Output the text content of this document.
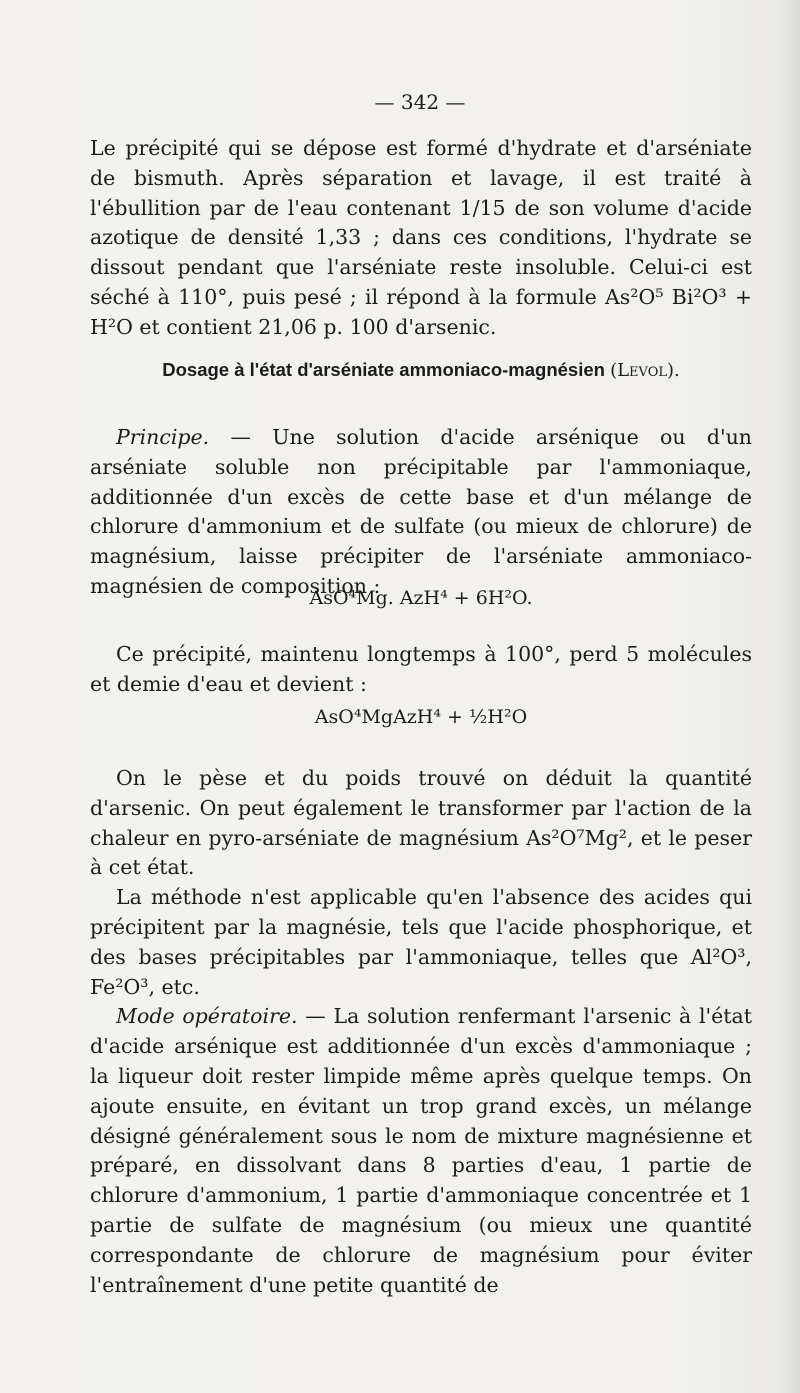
— 342 —

Le précipité qui se dépose est formé d'hydrate et d'arséniate de bismuth. Après séparation et lavage, il est traité à l'ébullition par de l'eau contenant 1/15 de son volume d'acide azotique de densité 1,33 ; dans ces conditions, l'hydrate se dissout pendant que l'arséniate reste insoluble. Celui-ci est séché à 110°, puis pesé ; il répond à la formule As²O⁵ Bi²O³ + H²O et contient 21,06 p. 100 d'arsenic.

Dosage à l'état d'arséniate ammoniaco-magnésien (Levol).

Principe. — Une solution d'acide arsénique ou d'un arséniate soluble non précipitable par l'ammoniaque, additionnée d'un excès de cette base et d'un mélange de chlorure d'ammonium et de sulfate (ou mieux de chlorure) de magnésium, laisse précipiter de l'arséniate ammoniaco-magnésien de composition :

AsO⁴Mg. AzH⁴ + 6H²O.

Ce précipité, maintenu longtemps à 100°, perd 5 molécules et demie d'eau et devient :

AsO⁴MgAzH⁴ + ½H²O

On le pèse et du poids trouvé on déduit la quantité d'arsenic. On peut également le transformer par l'action de la chaleur en pyro-arséniate de magnésium As²O⁷Mg², et le peser à cet état.

La méthode n'est applicable qu'en l'absence des acides qui précipitent par la magnésie, tels que l'acide phosphorique, et des bases précipitables par l'ammoniaque, telles que Al²O³, Fe²O³, etc.

Mode opératoire. — La solution renfermant l'arsenic à l'état d'acide arsénique est additionnée d'un excès d'ammoniaque ; la liqueur doit rester limpide même après quelque temps. On ajoute ensuite, en évitant un trop grand excès, un mélange désigné généralement sous le nom de mixture magnésienne et préparé, en dissolvant dans 8 parties d'eau, 1 partie de chlorure d'ammonium, 1 partie d'ammoniaque concentrée et 1 partie de sulfate de magnésium (ou mieux une quantité correspondante de chlorure de magnésium pour éviter l'entraînement d'une petite quantité de
